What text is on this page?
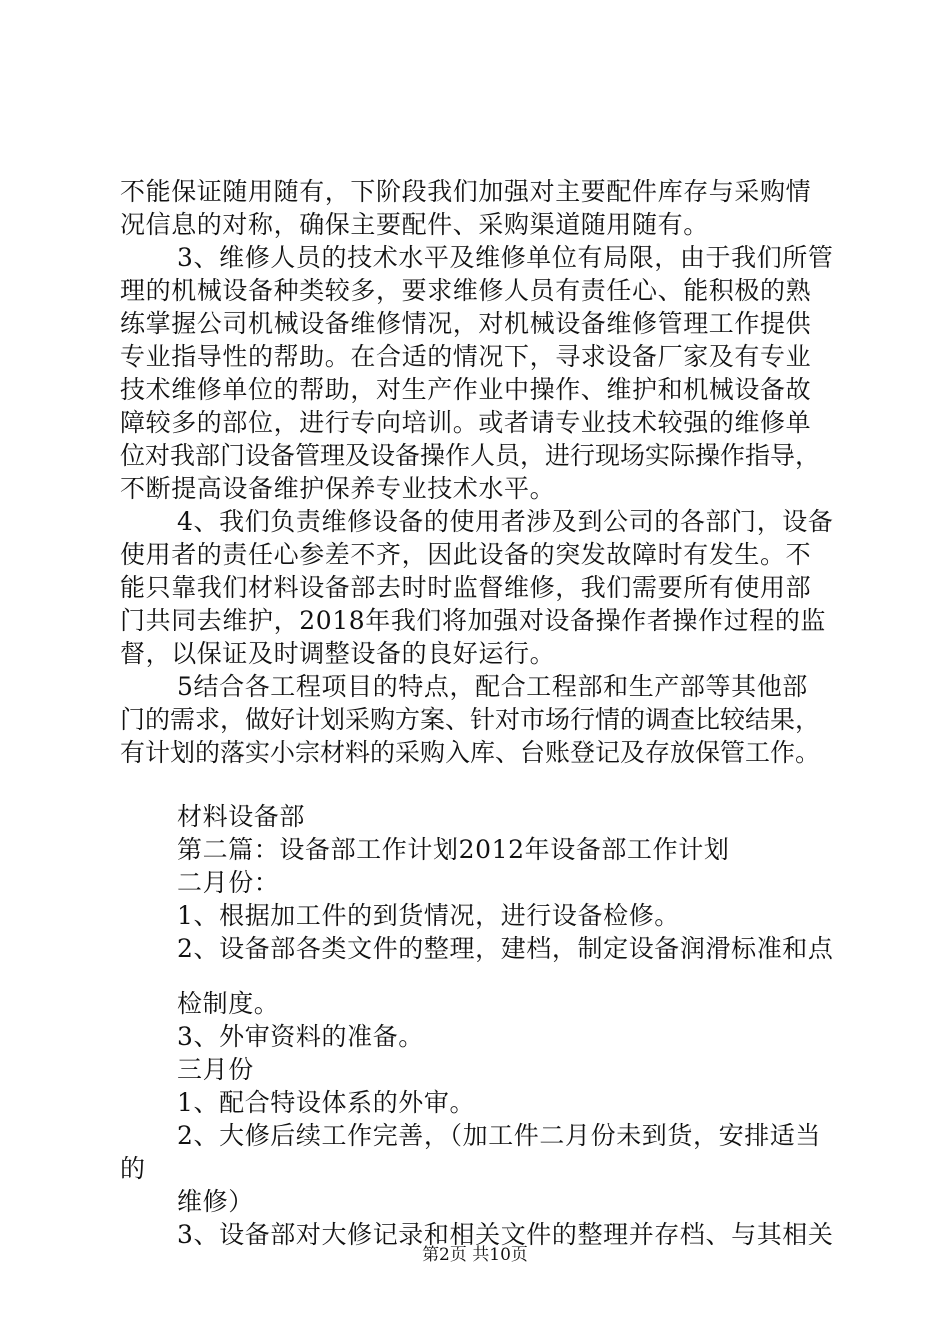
不能保证随用随有，下阶段我们加强对主要配件库存与采购情
况信息的对称，确保主要配件、采购渠道随用随有。
3、维修人员的技术水平及维修单位有局限，由于我们所管
理的机械设备种类较多，要求维修人员有责任心、能积极的熟
练掌握公司机械设备维修情况，对机械设备维修管理工作提供
专业指导性的帮助。在合适的情况下，寻求设备厂家及有专业
技术维修单位的帮助，对生产作业中操作、维护和机械设备故
障较多的部位，进行专向培训。或者请专业技术较强的维修单
位对我部门设备管理及设备操作人员，进行现场实际操作指导，
不断提高设备维护保养专业技术水平。
4、我们负责维修设备的使用者涉及到公司的各部门，设备
使用者的责任心参差不齐，因此设备的突发故障时有发生。不
能只靠我们材料设备部去时时监督维修，我们需要所有使用部
门共同去维护，2018年我们将加强对设备操作者操作过程的监
督，以保证及时调整设备的良好运行。
5结合各工程项目的特点，配合工程部和生产部等其他部
门的需求，做好计划采购方案、针对市场行情的调查比较结果，
有计划的落实小宗材料的采购入库、台账登记及存放保管工作。
材料设备部
第二篇：设备部工作计划2012年设备部工作计划
二月份：
1、根据加工件的到货情况，进行设备检修。
2、设备部各类文件的整理，建档，制定设备润滑标准和点
检制度。
3、外审资料的准备。
三月份
1、配合特设体系的外审。
2、大修后续工作完善，（加工件二月份未到货，安排适当
的
维修）
3、设备部对大修记录和相关文件的整理并存档、与其相关
第2页 共10页
